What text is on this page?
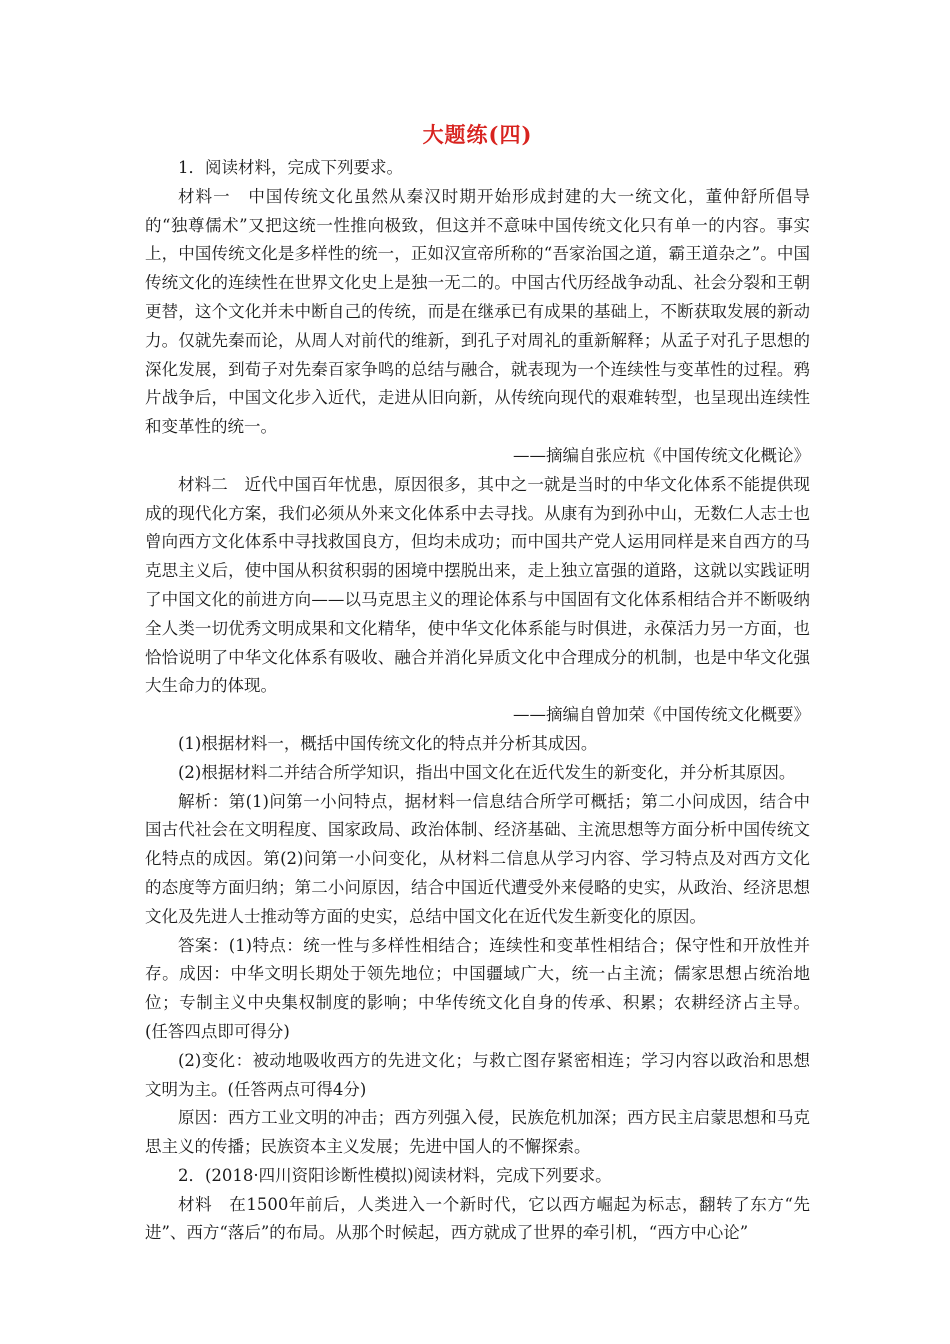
大题练(四)

1．阅读材料，完成下列要求。

材料一　中国传统文化虽然从秦汉时期开始形成封建的大一统文化，董仲舒所倡导的“独尊儒术”又把这统一性推向极致，但这并不意味中国传统文化只有单一的内容。事实上，中国传统文化是多样性的统一，正如汉宣帝所称的“吾家治国之道，霸王道杂之”。中国传统文化的连续性在世界文化史上是独一无二的。中国古代历经战争动乱、社会分裂和王朝更替，这个文化并未中断自己的传统，而是在继承已有成果的基础上，不断获取发展的新动力。仅就先秦而论，从周人对前代的维新，到孔子对周礼的重新解释；从孟子对孔子思想的深化发展，到荀子对先秦百家争鸣的总结与融合，就表现为一个连续性与变革性的过程。鸦片战争后，中国文化步入近代，走进从旧向新，从传统向现代的艰难转型，也呈现出连续性和变革性的统一。

——摘编自张应杭《中国传统文化概论》

材料二　近代中国百年忧患，原因很多，其中之一就是当时的中华文化体系不能提供现成的现代化方案，我们必须从外来文化体系中去寻找。从康有为到孙中山，无数仁人志士也曾向西方文化体系中寻找救国良方，但均未成功；而中国共产党人运用同样是来自西方的马克思主义后，使中国从积贫积弱的困境中摆脱出来，走上独立富强的道路，这就以实践证明了中国文化的前进方向——以马克思主义的理论体系与中国固有文化体系相结合并不断吸纳全人类一切优秀文明成果和文化精华，使中华文化体系能与时俱进，永葆活力另一方面，也恰恰说明了中华文化体系有吸收、融合并消化异质文化中合理成分的机制，也是中华文化强大生命力的体现。

——摘编自曾加荣《中国传统文化概要》

(1)根据材料一，概括中国传统文化的特点并分析其成因。

(2)根据材料二并结合所学知识，指出中国文化在近代发生的新变化，并分析其原因。

解析：第(1)问第一小问特点，据材料一信息结合所学可概括；第二小问成因，结合中国古代社会在文明程度、国家政局、政治体制、经济基础、主流思想等方面分析中国传统文化特点的成因。第(2)问第一小问变化，从材料二信息从学习内容、学习特点及对西方文化的态度等方面归纳；第二小问原因，结合中国近代遭受外来侵略的史实，从政治、经济思想文化及先进人士推动等方面的史实，总结中国文化在近代发生新变化的原因。

答案：(1)特点：统一性与多样性相结合；连续性和变革性相结合；保守性和开放性并存。成因：中华文明长期处于领先地位；中国疆域广大，统一占主流；儒家思想占统治地位；专制主义中央集权制度的影响；中华传统文化自身的传承、积累；农耕经济占主导。(任答四点即可得分)

(2)变化：被动地吸收西方的先进文化；与救亡图存紧密相连；学习内容以政治和思想文明为主。(任答两点可得4分)

原因：西方工业文明的冲击；西方列强入侵，民族危机加深；西方民主启蒙思想和马克思主义的传播；民族资本主义发展；先进中国人的不懈探索。

2．(2018·四川资阳诊断性模拟)阅读材料，完成下列要求。

材料　在1500年前后，人类进入一个新时代，它以西方崛起为标志，翻转了东方“先进”、西方“落后”的布局。从那个时候起，西方就成了世界的牵引机，“西方中心论”
